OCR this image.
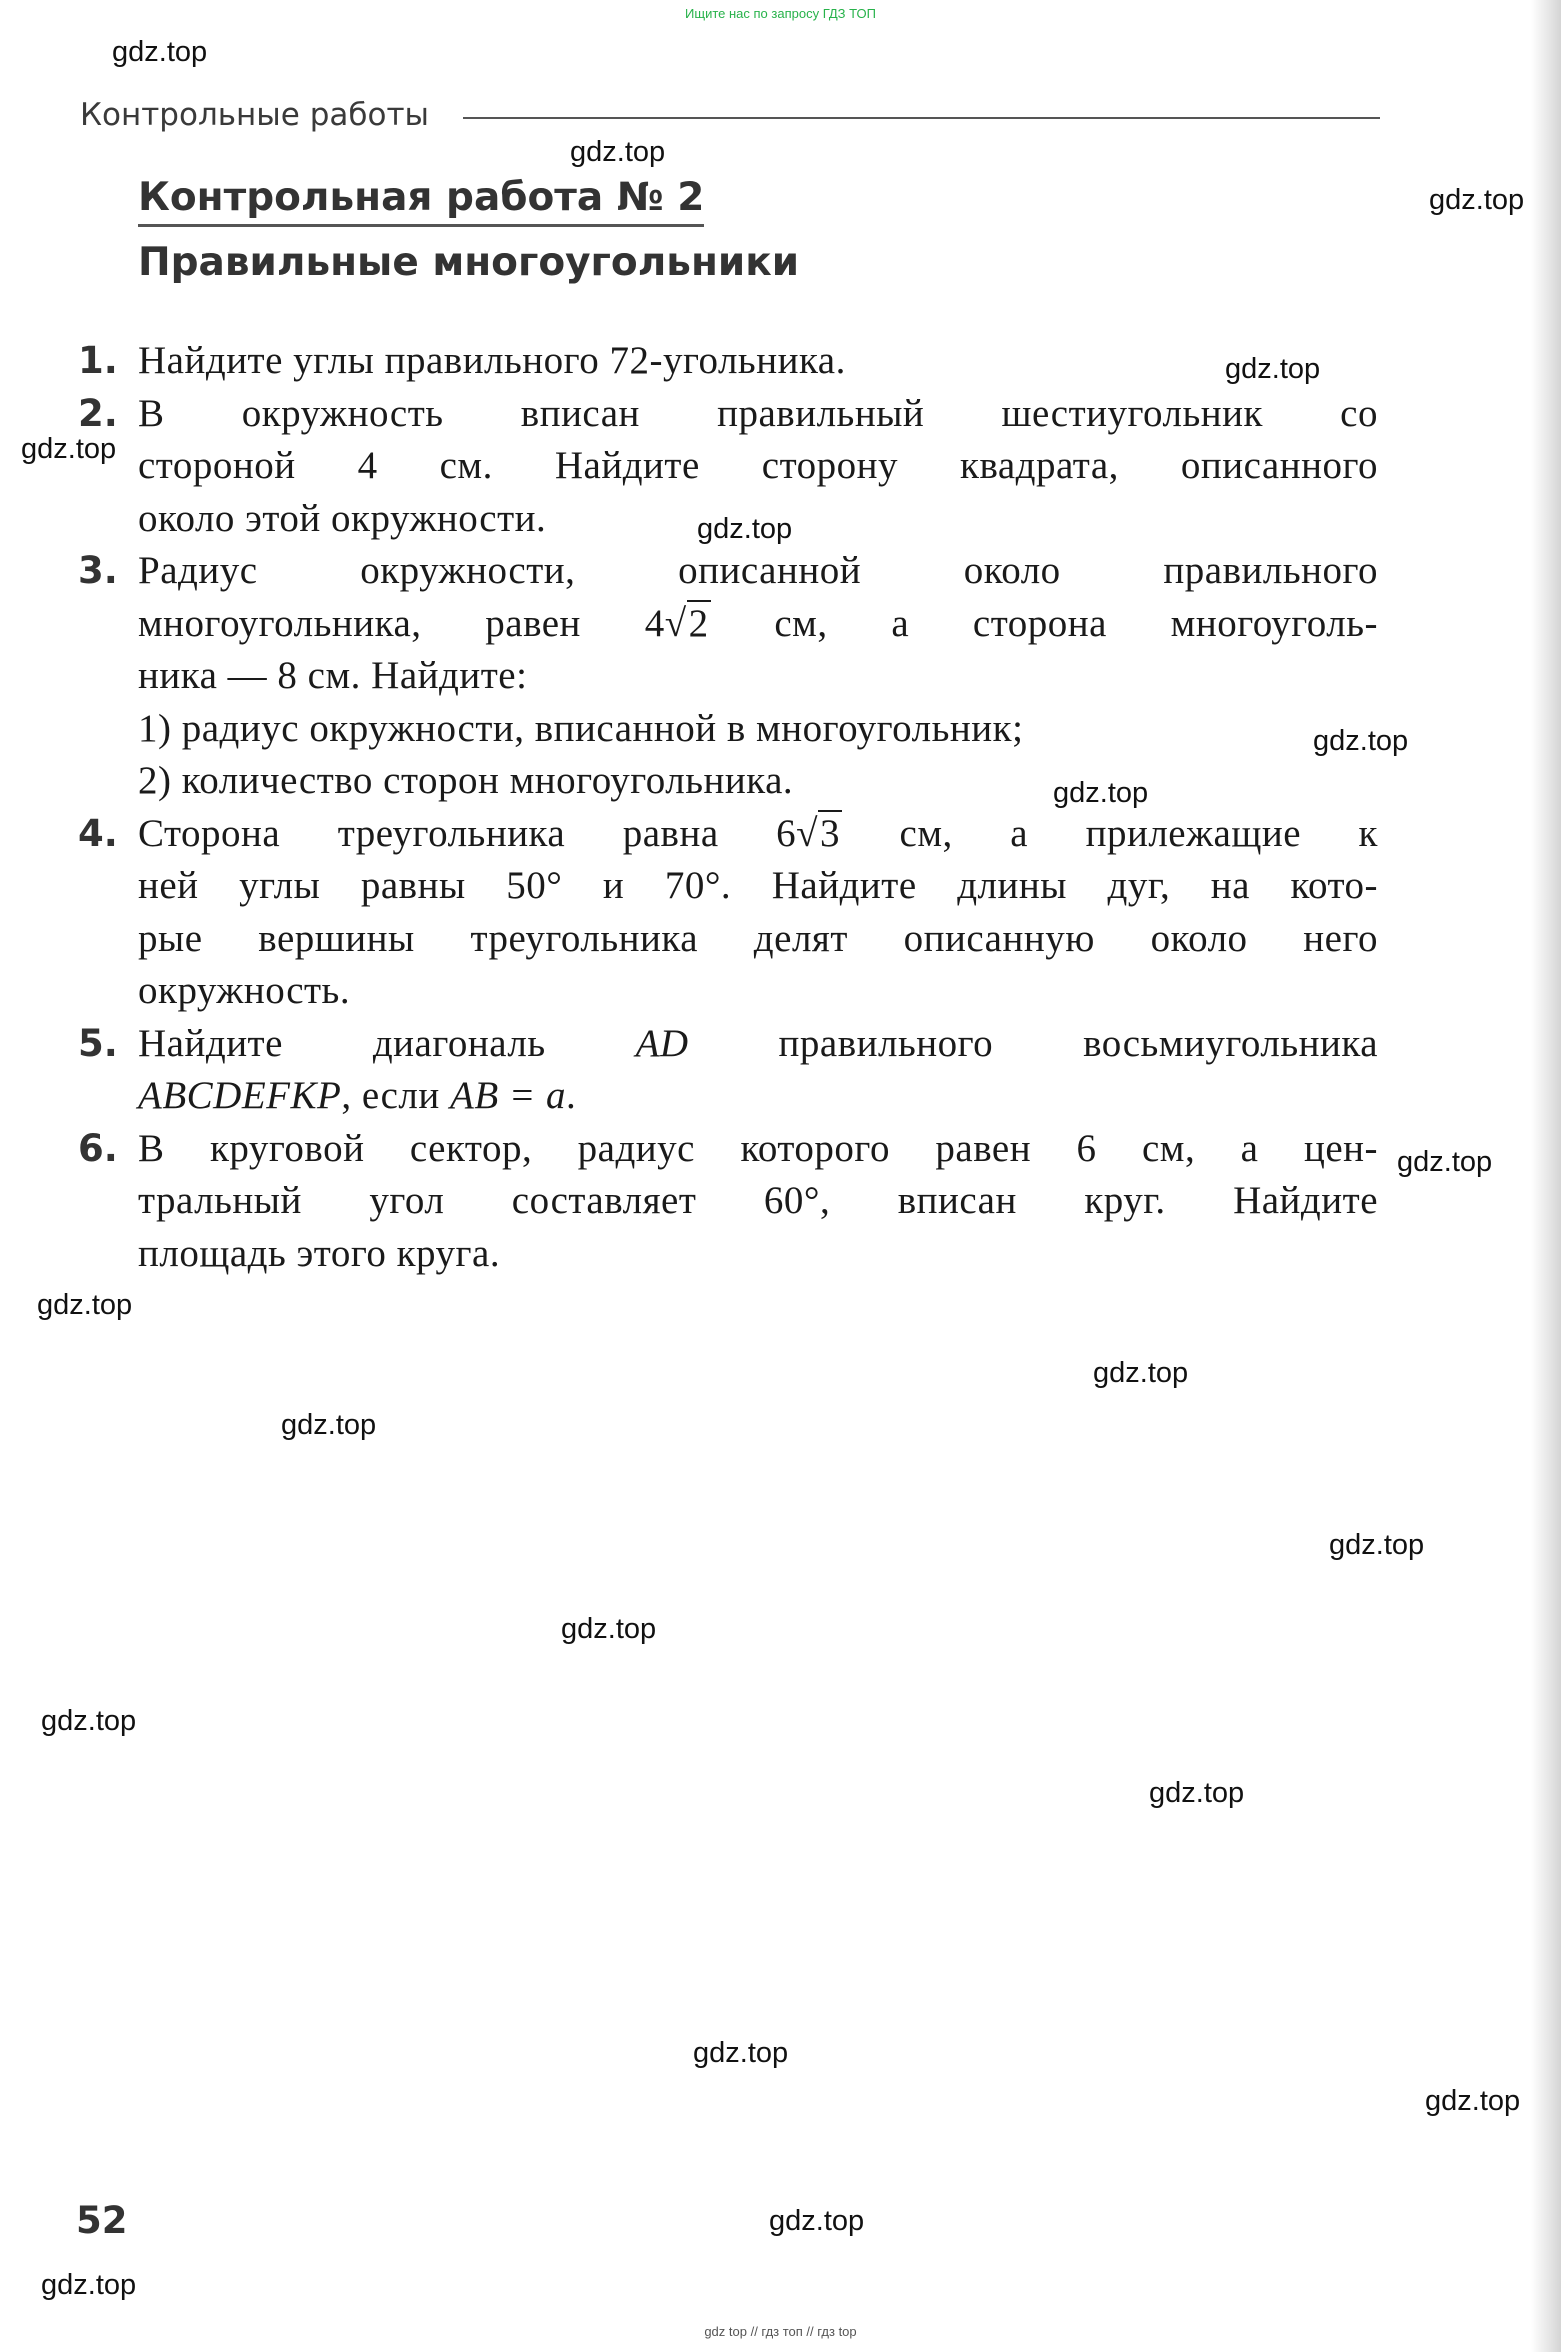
Ищите нас по запросу ГДЗ ТОП
Контрольные работы
Контрольная работа № 2
Правильные многоугольники
1. Найдите углы правильного 72-угольника.
2. В окружность вписан правильный шестиугольник со
стороной 4 см. Найдите сторону квадрата, описанного
около этой окружности.
3. Радиус окружности, описанной около правильного
многоугольника, равен 4√2 см, а сторона многоуголь-
ника — 8 см. Найдите:
1) радиус окружности, вписанной в многоугольник;
2) количество сторон многоугольника.
4. Сторона треугольника равна 6√3 см, а прилежащие к
ней углы равны 50° и 70°. Найдите длины дуг, на кото-
рые вершины треугольника делят описанную около него
окружность.
5. Найдите диагональ AD правильного восьмиугольника
ABCDEFKP, если AB = a.
6. В круговой сектор, радиус которого равен 6 см, а цен-
тральный угол составляет 60°, вписан круг. Найдите
площадь этого круга.
52
gdz.top
gdz.top
gdz.top
gdz.top
gdz.top
gdz.top
gdz.top
gdz.top
gdz.top
gdz.top
gdz.top
gdz.top
gdz.top
gdz.top
gdz.top
gdz.top
gdz.top
gdz.top
gdz.top
gdz.top
gdz top // гдз топ // гдз top
